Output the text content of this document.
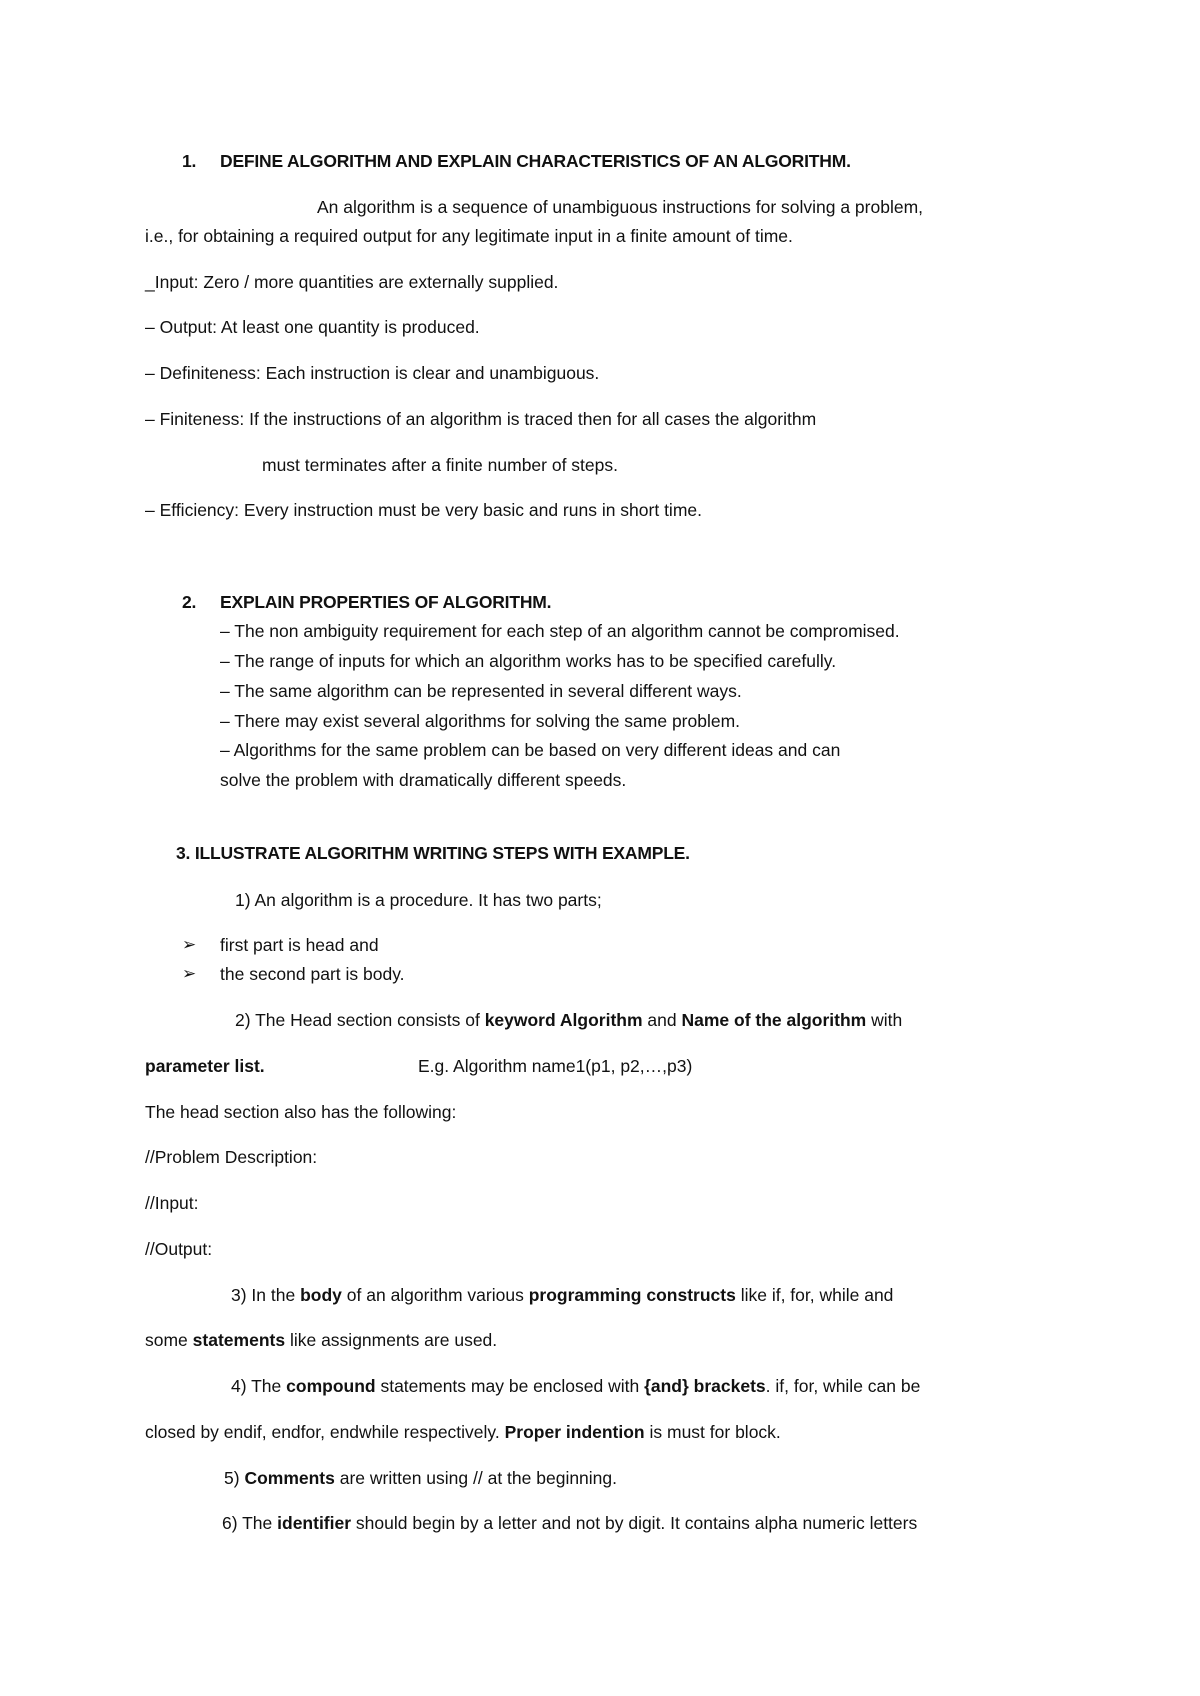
1. DEFINE ALGORITHM AND EXPLAIN CHARACTERISTICS OF AN ALGORITHM.
An algorithm is a sequence of unambiguous instructions for solving a problem,
i.e., for obtaining a required output for any legitimate input in a finite amount of time.
_Input: Zero / more quantities are externally supplied.
– Output: At least one quantity is produced.
– Definiteness: Each instruction is clear and unambiguous.
– Finiteness: If the instructions of an algorithm is traced then for all cases the algorithm
must terminates after a finite number of steps.
– Efficiency: Every instruction must be very basic and runs in short time.
2. EXPLAIN PROPERTIES OF ALGORITHM.
– The non ambiguity requirement for each step of an algorithm cannot be compromised.
– The range of inputs for which an algorithm works has to be specified carefully.
– The same algorithm can be represented in several different ways.
– There may exist several algorithms for solving the same problem.
– Algorithms for the same problem can be based on very different ideas and can
solve the problem with dramatically different speeds.
3. ILLUSTRATE ALGORITHM WRITING STEPS WITH EXAMPLE.
1) An algorithm is a procedure. It has two parts;
➢ first part is head and
➢ the second part is body.
2) The Head section consists of keyword Algorithm and Name of the algorithm with
parameter list.	E.g. Algorithm name1(p1, p2,…,p3)
The head section also has the following:
//Problem Description:
//Input:
//Output:
3) In the body of an algorithm various programming constructs like if, for, while and
some statements like assignments are used.
4) The compound statements may be enclosed with {and} brackets. if, for, while can be
closed by endif, endfor, endwhile respectively. Proper indention is must for block.
5) Comments are written using // at the beginning.
6) The identifier should begin by a letter and not by digit. It contains alpha numeric letters
